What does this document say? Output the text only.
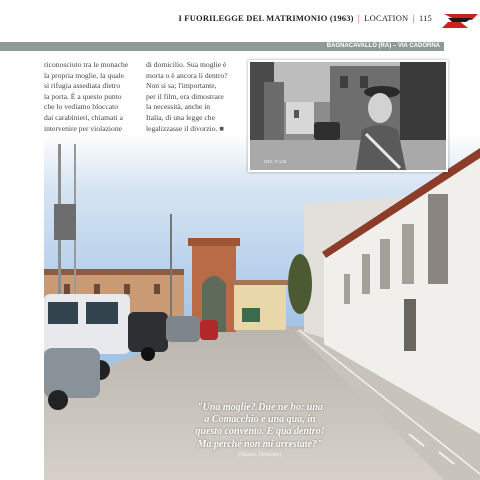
I FUORILEGGE DEL MATRIMONIO (1963) | LOCATION | 115
BAGNACAVALLO (RA) – VIA CADORNA

riconosciuto tra le monache
la propria moglie, la quale
si rifugia assediata dietro
la porta. È a questo punto
che lo vediamo bloccato
dai carabinieri, chiamati a
intervenire per violazione

di domicilio. Sua moglie è
morta o è ancora li dentro?
Non si sa; l'importante,
per il film, era dimostrare
la necessità, anche in
Italia, di una legge che
legalizzasse il divorzio. ■

NEL FILM

"Una moglie? Due ne ho: una
a Comacchio e una qua, in
questo convento. È qua dentro!
Ma perché non mi arrestate?"

(Sasso, Ombello)
